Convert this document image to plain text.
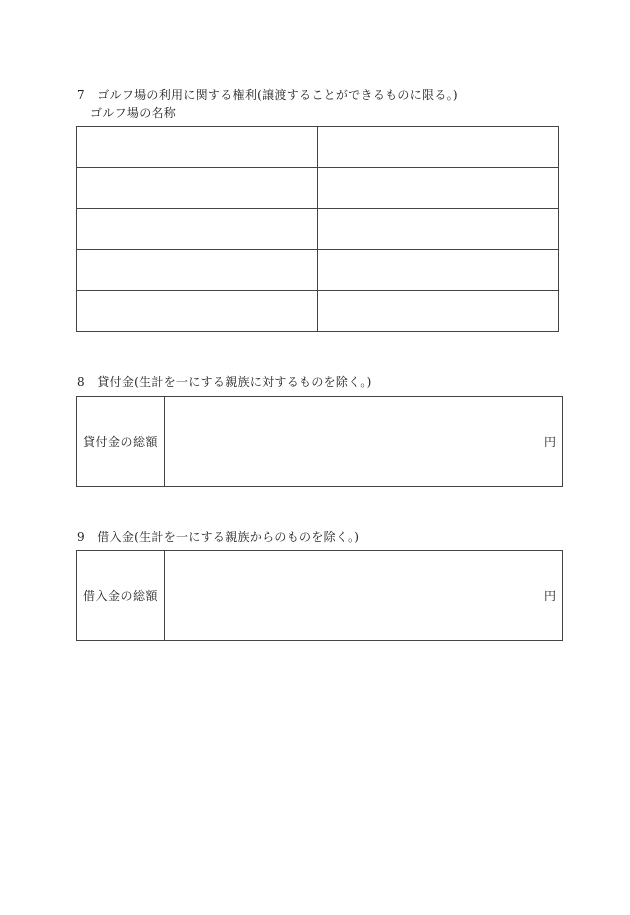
7　ゴルフ場の利用に関する権利(譲渡することができるものに限る。)
ゴルフ場の名称

8　貸付金(生計を一にする親族に対するものを除く。)
貸付金の総額	円
9　借入金(生計を一にする親族からのものを除く。)
借入金の総額	円
